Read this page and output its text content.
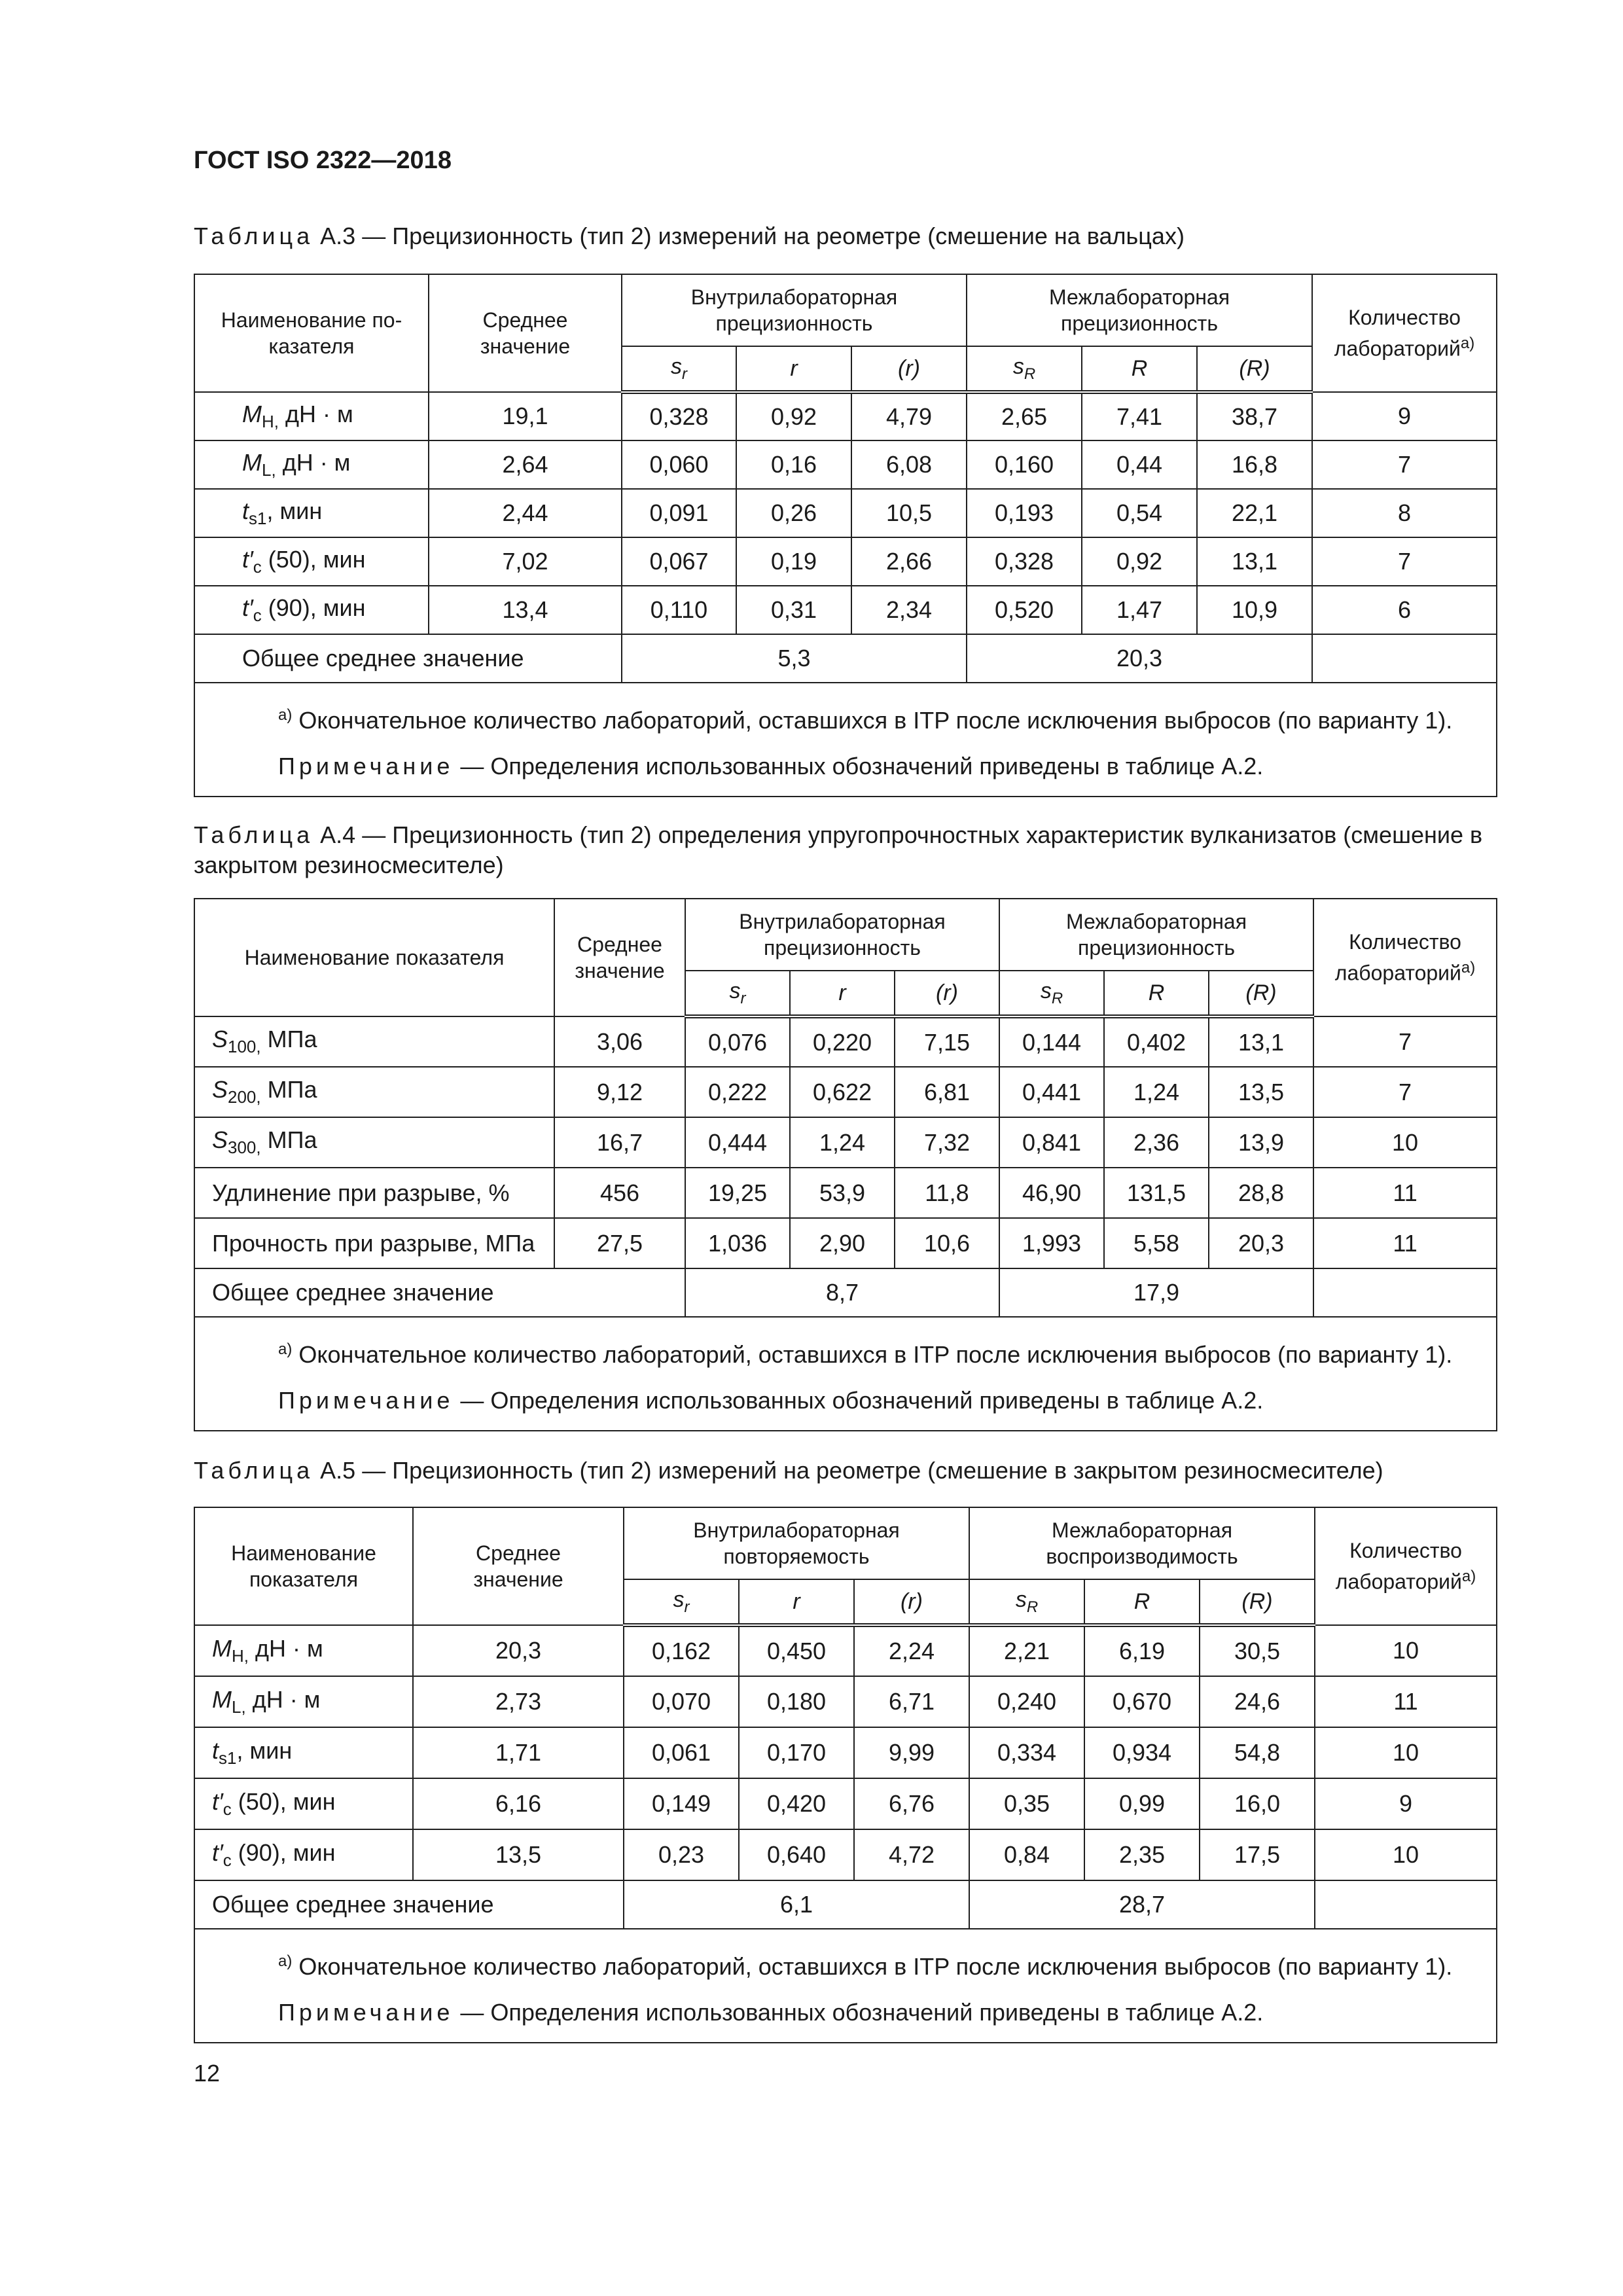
ГОСТ ISO 2322—2018
Таблица А.3 — Прецизионность (тип 2) измерений на реометре (смешение на вальцах)
Наименование по-казателя	Среднее значение	Внутрилабораторная прецизионность			Межлабораторная прецизионность			Количество лабораторий$^{a)}$
		$s_r$	r	(r)	$s_R$	R	(R)	
$M_{H,}$ дН · м	19,1	0,328	0,92	4,79	2,65	7,41	38,7	9
$M_{L,}$ дН · м	2,64	0,060	0,16	6,08	0,160	0,44	16,8	7
$t_{s1}$, мин	2,44	0,091	0,26	10,5	0,193	0,54	22,1	8
$t'_c$ (50), мин	7,02	0,067	0,19	2,66	0,328	0,92	13,1	7
$t'_c$ (90), мин	13,4	0,110	0,31	2,34	0,520	1,47	10,9	6
Общее среднее значение		5,3			20,3			

$^{a)}$ Окончательное количество лабораторий, оставшихся в ITP после исключения выбросов (по варианту 1).
Примечание — Определения использованных обозначений приведены в таблице А.2.								
Таблица А.4 — Прецизионность (тип 2) определения упругопрочностных характеристик вулканизатов (смешение в закрытом резиносмесителе)
Наименование показателя	Среднее значение	Внутрилабораторная прецизионность			Межлабораторная прецизионность			Количество лабораторий$^{a)}$
		$s_r$	r	(r)	$s_R$	R	(R)	
$S_{100,}$ МПа	3,06	0,076	0,220	7,15	0,144	0,402	13,1	7
$S_{200,}$ МПа	9,12	0,222	0,622	6,81	0,441	1,24	13,5	7
$S_{300,}$ МПа	16,7	0,444	1,24	7,32	0,841	2,36	13,9	10
Удлинение при разрыве, %	456	19,25	53,9	11,8	46,90	131,5	28,8	11
Прочность при разрыве, МПа	27,5	1,036	2,90	10,6	1,993	5,58	20,3	11
Общее среднее значение		8,7			17,9			

$^{a)}$ Окончательное количество лабораторий, оставшихся в ITP после исключения выбросов (по варианту 1).
Примечание — Определения использованных обозначений приведены в таблице А.2.								
Таблица А.5 — Прецизионность (тип 2) измерений на реометре (смешение в закрытом резиносмесителе)
Наименование показателя	Среднее значение	Внутрилабораторная повторяемость			Межлабораторная воспроизводимость			Количество лабораторий$^{a)}$
		$s_r$	r	(r)	$s_R$	R	(R)	
$M_{H,}$ дН · м	20,3	0,162	0,450	2,24	2,21	6,19	30,5	10
$M_{L,}$ дН · м	2,73	0,070	0,180	6,71	0,240	0,670	24,6	11
$t_{s1}$, мин	1,71	0,061	0,170	9,99	0,334	0,934	54,8	10
$t'_c$ (50), мин	6,16	0,149	0,420	6,76	0,35	0,99	16,0	9
$t'_c$ (90), мин	13,5	0,23	0,640	4,72	0,84	2,35	17,5	10
Общее среднее значение		6,1			28,7			

$^{a)}$ Окончательное количество лабораторий, оставшихся в ITP после исключения выбросов (по варианту 1).
Примечание — Определения использованных обозначений приведены в таблице А.2.								
12
